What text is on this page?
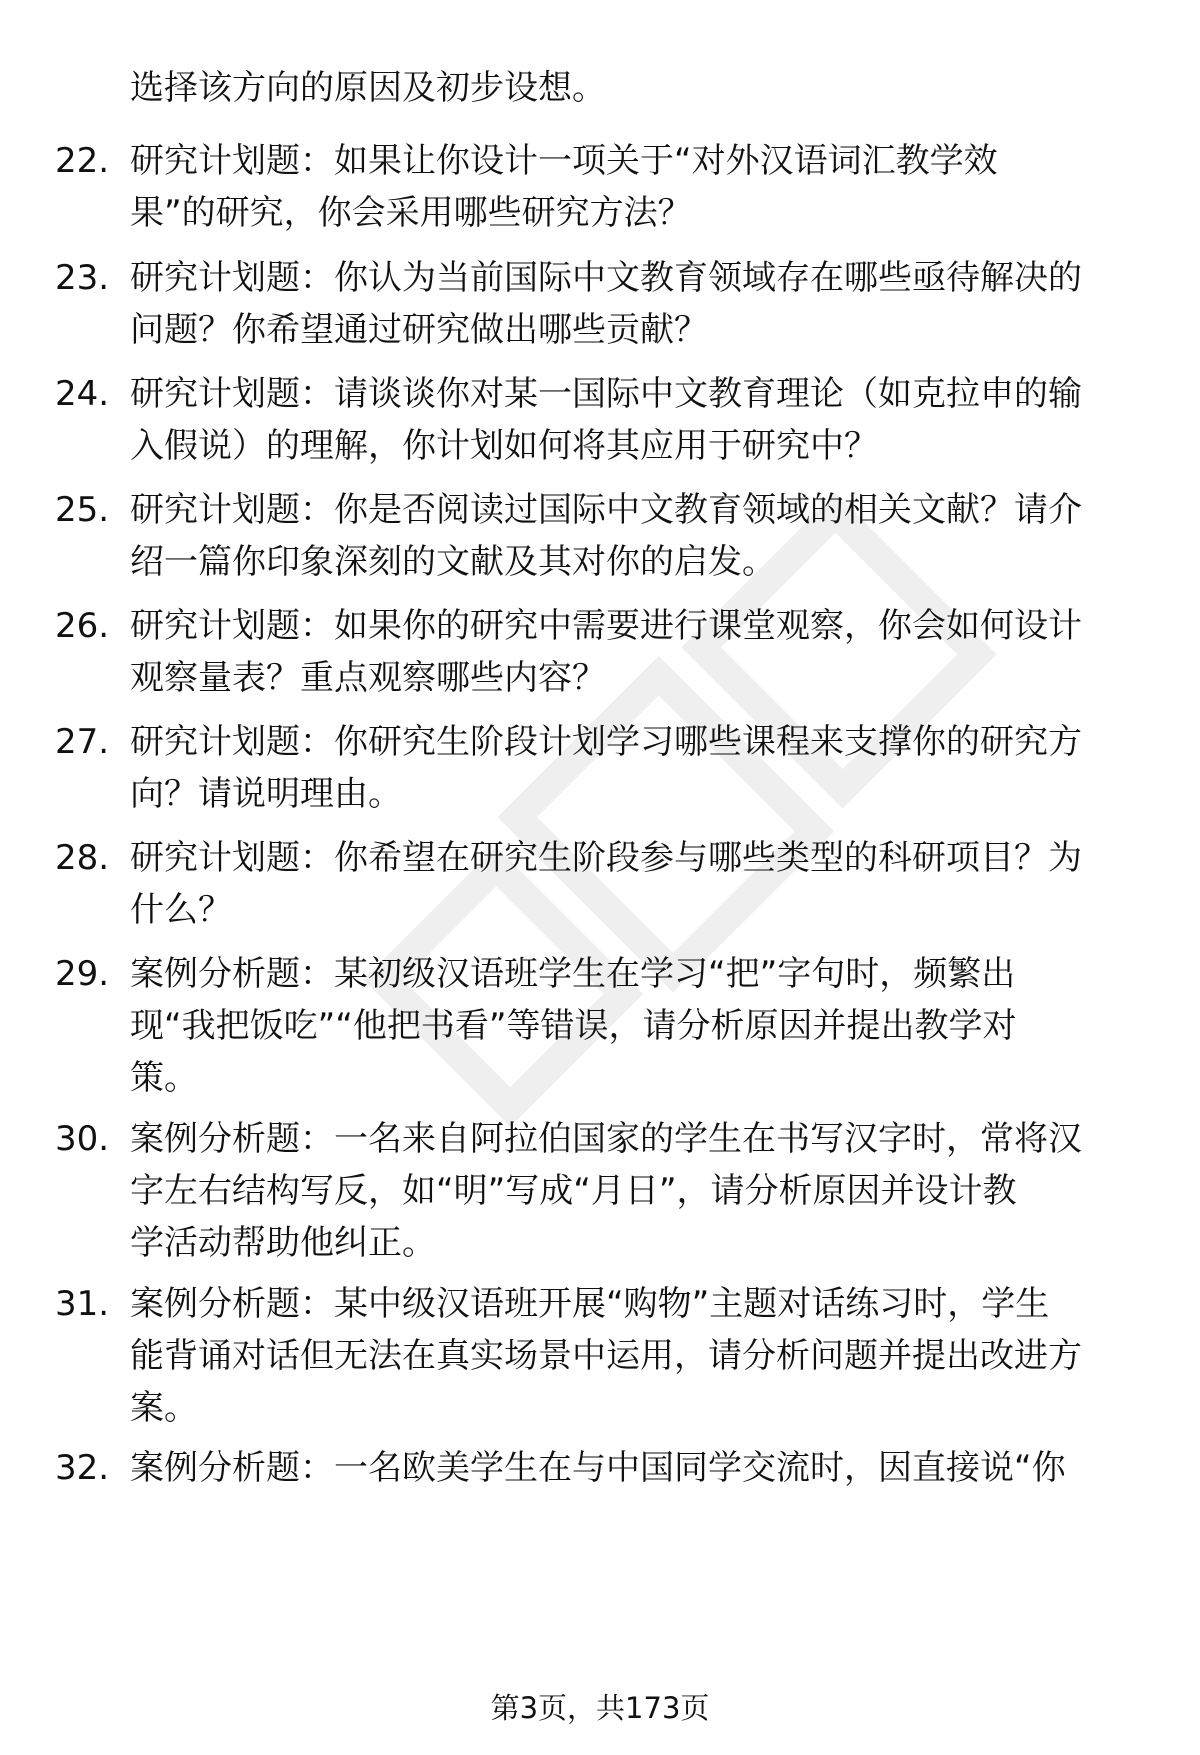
选择该方向的原因及初步设想。
22. 研究计划题：如果让你设计一项关于“对外汉语词汇教学效
果”的研究，你会采用哪些研究方法？
23. 研究计划题：你认为当前国际中文教育领域存在哪些亟待解决的
问题？你希望通过研究做出哪些贡献？
24. 研究计划题：请谈谈你对某一国际中文教育理论（如克拉申的输
入假说）的理解，你计划如何将其应用于研究中？
25. 研究计划题：你是否阅读过国际中文教育领域的相关文献？请介
绍一篇你印象深刻的文献及其对你的启发。
26. 研究计划题：如果你的研究中需要进行课堂观察，你会如何设计
观察量表？重点观察哪些内容？
27. 研究计划题：你研究生阶段计划学习哪些课程来支撑你的研究方
向？请说明理由。
28. 研究计划题：你希望在研究生阶段参与哪些类型的科研项目？为
什么？
29. 案例分析题：某初级汉语班学生在学习“把”字句时，频繁出
现“我把饭吃”“他把书看”等错误，请分析原因并提出教学对
策。
30. 案例分析题：一名来自阿拉伯国家的学生在书写汉字时，常将汉
字左右结构写反，如“明”写成“月日”，请分析原因并设计教
学活动帮助他纠正。
31. 案例分析题：某中级汉语班开展“购物”主题对话练习时，学生
能背诵对话但无法在真实场景中运用，请分析问题并提出改进方
案。
32. 案例分析题：一名欧美学生在与中国同学交流时，因直接说“你
第3页，共173页
